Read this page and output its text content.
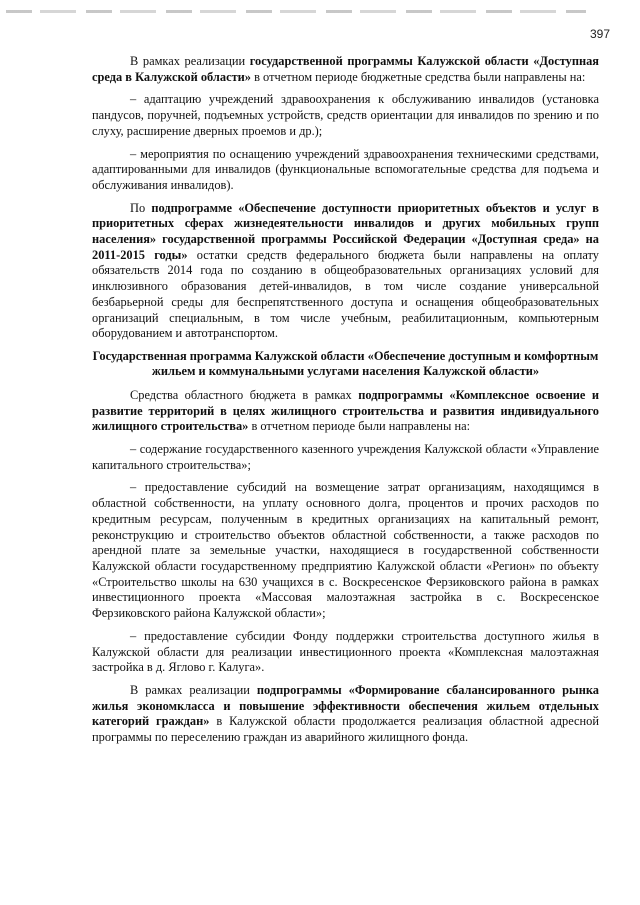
397

В рамках реализации государственной программы Калужской области «Доступная среда в Калужской области» в отчетном периоде бюджетные средства были направлены на:

– адаптацию учреждений здравоохранения к обслуживанию инвалидов (установка пандусов, поручней, подъемных устройств, средств ориентации для инвалидов по зрению и по слуху, расширение дверных проемов и др.);

– мероприятия по оснащению учреждений здравоохранения техническими средствами, адаптированными для инвалидов (функциональные вспомогательные средства для подъема и обслуживания инвалидов).

По подпрограмме «Обеспечение доступности приоритетных объектов и услуг в приоритетных сферах жизнедеятельности инвалидов и других мобильных групп населения» государственной программы Российской Федерации «Доступная среда» на 2011-2015 годы» остатки средств федерального бюджета были направлены на оплату обязательств 2014 года по созданию в общеобразовательных организациях условий для инклюзивного образования детей-инвалидов, в том числе создание универсальной безбарьерной среды для беспрепятственного доступа и оснащения общеобразовательных организаций специальным, в том числе учебным, реабилитационным, компьютерным оборудованием и автотранспортом.

Государственная программа Калужской области «Обеспечение доступным и комфортным жильем и коммунальными услугами населения Калужской области»

Средства областного бюджета в рамках подпрограммы «Комплексное освоение и развитие территорий в целях жилищного строительства и развития индивидуального жилищного строительства» в отчетном периоде были направлены на:

– содержание государственного казенного учреждения Калужской области «Управление капитального строительства»;

– предоставление субсидий на возмещение затрат организациям, находящимся в областной собственности, на уплату основного долга, процентов и прочих расходов по кредитным ресурсам, полученным в кредитных организациях на капитальный ремонт, реконструкцию и строительство объектов областной собственности, а также расходов по арендной плате за земельные участки, находящиеся в государственной собственности Калужской области государственному предприятию Калужской области «Регион» по объекту «Строительство школы на 630 учащихся в с. Воскресенское Ферзиковского района в рамках инвестиционного проекта «Массовая малоэтажная застройка в с. Воскресенское Ферзиковского района Калужской области»;

– предоставление субсидии Фонду поддержки строительства доступного жилья в Калужской области для реализации инвестиционного проекта «Комплексная малоэтажная застройка в д. Яглово г. Калуга».

В рамках реализации подпрограммы «Формирование сбалансированного рынка жилья экономкласса и повышение эффективности обеспечения жильем отдельных категорий граждан» в Калужской области продолжается реализация областной адресной программы по переселению граждан из аварийного жилищного фонда.
